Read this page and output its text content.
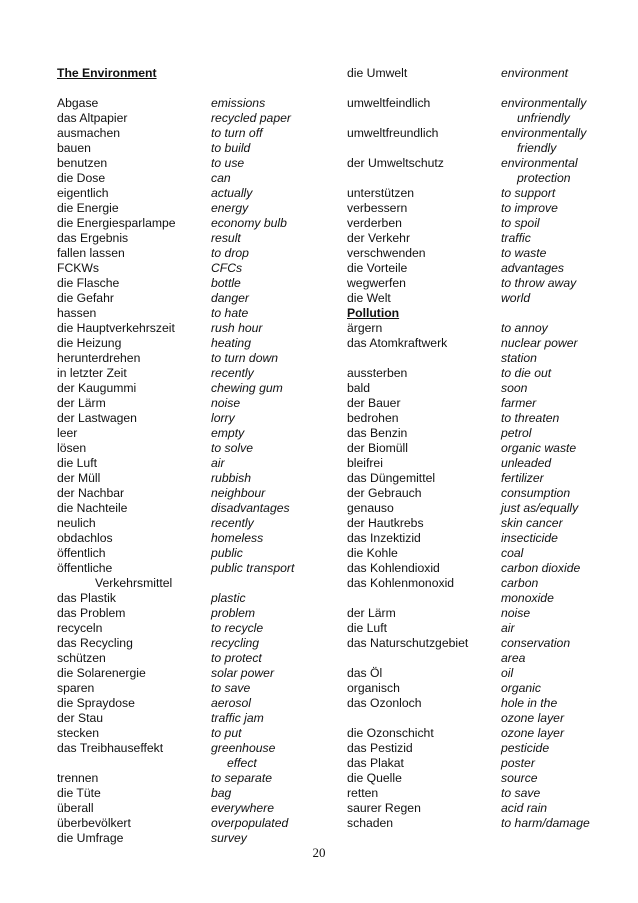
The Environment
Abgase	emissions
das Altpapier	recycled paper
ausmachen	to turn off
bauen	to build
benutzen	to use
die Dose	can
eigentlich	actually
die Energie	energy
die Energiesparlampe	economy bulb
das Ergebnis	result
fallen lassen	to drop
FCKWs	CFCs
die Flasche	bottle
die Gefahr	danger
hassen	to hate
die Hauptverkehrszeit	rush hour
die Heizung	heating
herunterdrehen	to turn down
in letzter Zeit	recently
der Kaugummi	chewing gum
der Lärm	noise
der Lastwagen	lorry
leer	empty
lösen	to solve
die Luft	air
der Müll	rubbish
der Nachbar	neighbour
die Nachteile	disadvantages
neulich	recently
obdachlos	homeless
öffentlich	public
öffentliche	public transport
Verkehrsmittel
das Plastik	plastic
das Problem	problem
recyceln	to recycle
das Recycling	recycling
schützen	to protect
die Solarenergie	solar power
sparen	to save
die Spraydose	aerosol
der Stau	traffic jam
stecken	to put
das Treibhauseffekt	greenhouse
effect
trennen	to separate
die Tüte	bag
überall	everywhere
überbevölkert	overpopulated
die Umfrage	survey
die Umwelt	environment
umweltfeindlich	environmentally
unfriendly
umweltfreundlich	environmentally
friendly
der Umweltschutz	environmental
protection
unterstützen	to support
verbessern	to improve
verderben	to spoil
der Verkehr	traffic
verschwenden	to waste
die Vorteile	advantages
wegwerfen	to throw away
die Welt	world
Pollution
ärgern	to annoy
das Atomkraftwerk	nuclear power
station
aussterben	to die out
bald	soon
der Bauer	farmer
bedrohen	to threaten
das Benzin	petrol
der Biomüll	organic waste
bleifrei	unleaded
das Düngemittel	fertilizer
der Gebrauch	consumption
genauso	just as/equally
der Hautkrebs	skin cancer
das Inzektizid	insecticide
die Kohle	coal
das Kohlendioxid	carbon dioxide
das Kohlenmonoxid	carbon
monoxide
der Lärm	noise
die Luft	air
das Naturschutzgebiet	conservation
area
das Öl	oil
organisch	organic
das Ozonloch	hole in the
ozone layer
die Ozonschicht	ozone layer
das Pestizid	pesticide
das Plakat	poster
die Quelle	source
retten	to save
saurer Regen	acid rain
schaden	to harm/damage
20
